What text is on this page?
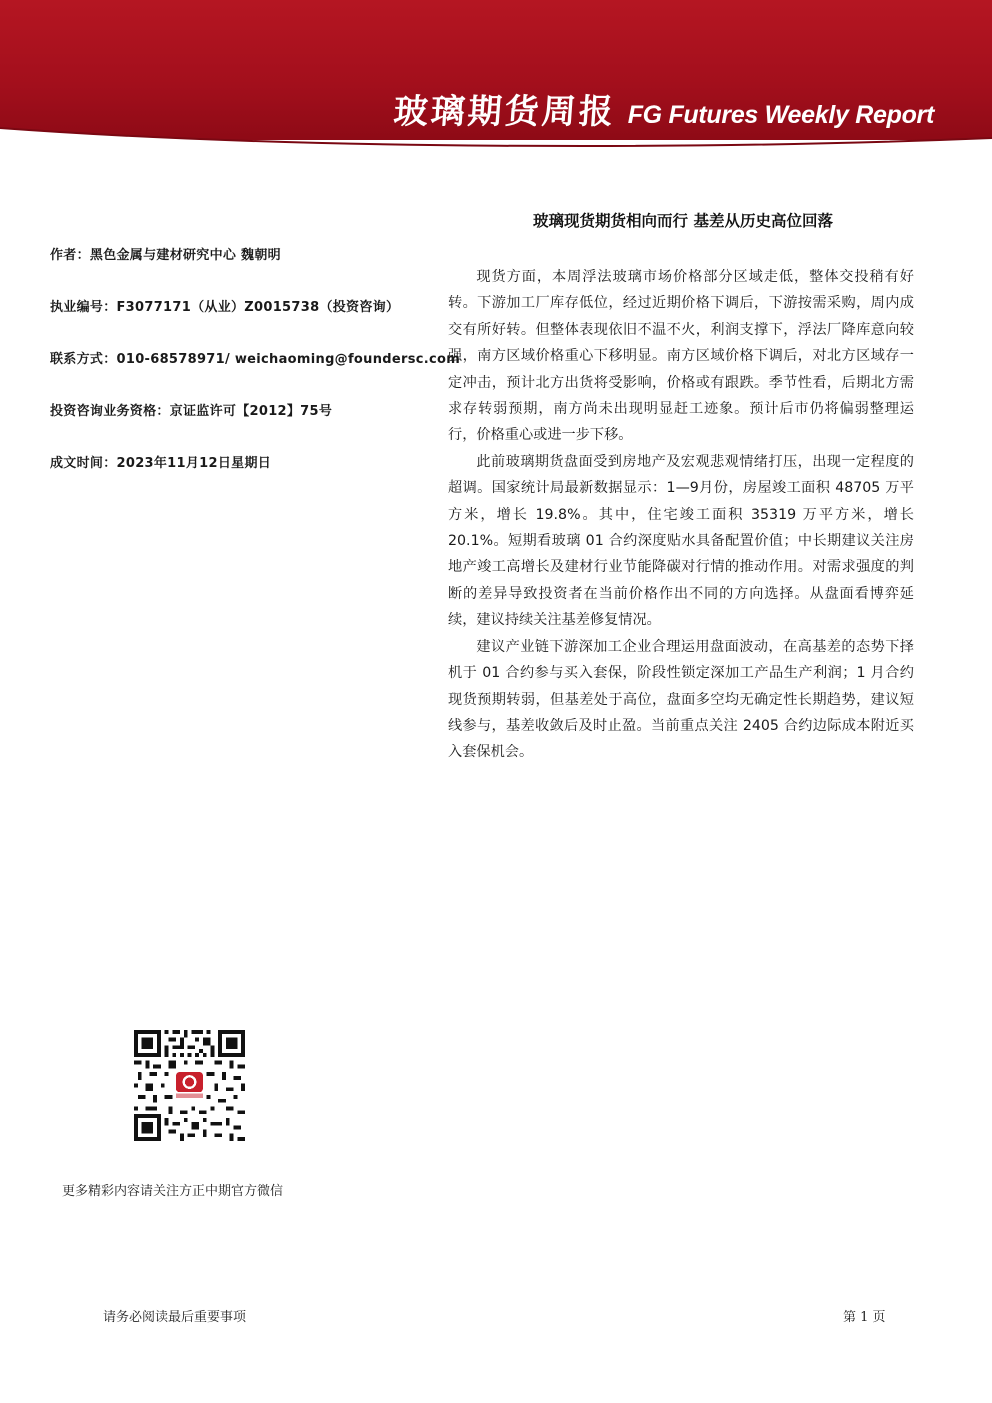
玻璃期货周报 FG Futures Weekly Report
玻璃现货期货相向而行 基差从历史高位回落
作者：黑色金属与建材研究中心 魏朝明
执业编号：F3077171（从业）Z0015738（投资咨询）
联系方式：010-68578971/ weichaoming@foundersc.com
投资咨询业务资格：京证监许可【2012】75号
成文时间：2023年11月12日星期日

现货方面，本周浮法玻璃市场价格部分区域走低，整体交投稍有好转。下游加工厂库存低位，经过近期价格下调后，下游按需采购，周内成交有所好转。但整体表现依旧不温不火，利润支撑下，浮法厂降库意向较强，南方区域价格重心下移明显。南方区域价格下调后，对北方区域存一定冲击，预计北方出货将受影响，价格或有跟跌。季节性看，后期北方需求存转弱预期，南方尚未出现明显赶工迹象。预计后市仍将偏弱整理运行，价格重心或进一步下移。

此前玻璃期货盘面受到房地产及宏观悲观情绪打压，出现一定程度的超调。国家统计局最新数据显示：1—9月份，房屋竣工面积 48705 万平方米，增长 19.8%。其中，住宅竣工面积 35319 万平方米，增长 20.1%。短期看玻璃 01 合约深度贴水具备配置价值；中长期建议关注房地产竣工高增长及建材行业节能降碳对行情的推动作用。对需求强度的判断的差异导致投资者在当前价格作出不同的方向选择。从盘面看博弈延续，建议持续关注基差修复情况。

建议产业链下游深加工企业合理运用盘面波动，在高基差的态势下择机于 01 合约参与买入套保，阶段性锁定深加工产品生产利润；1 月合约现货预期转弱，但基差处于高位，盘面多空均无确定性长期趋势，建议短线参与，基差收敛后及时止盈。当前重点关注 2405 合约边际成本附近买入套保机会。

更多精彩内容请关注方正中期官方微信
请务必阅读最后重要事项	第 1 页
